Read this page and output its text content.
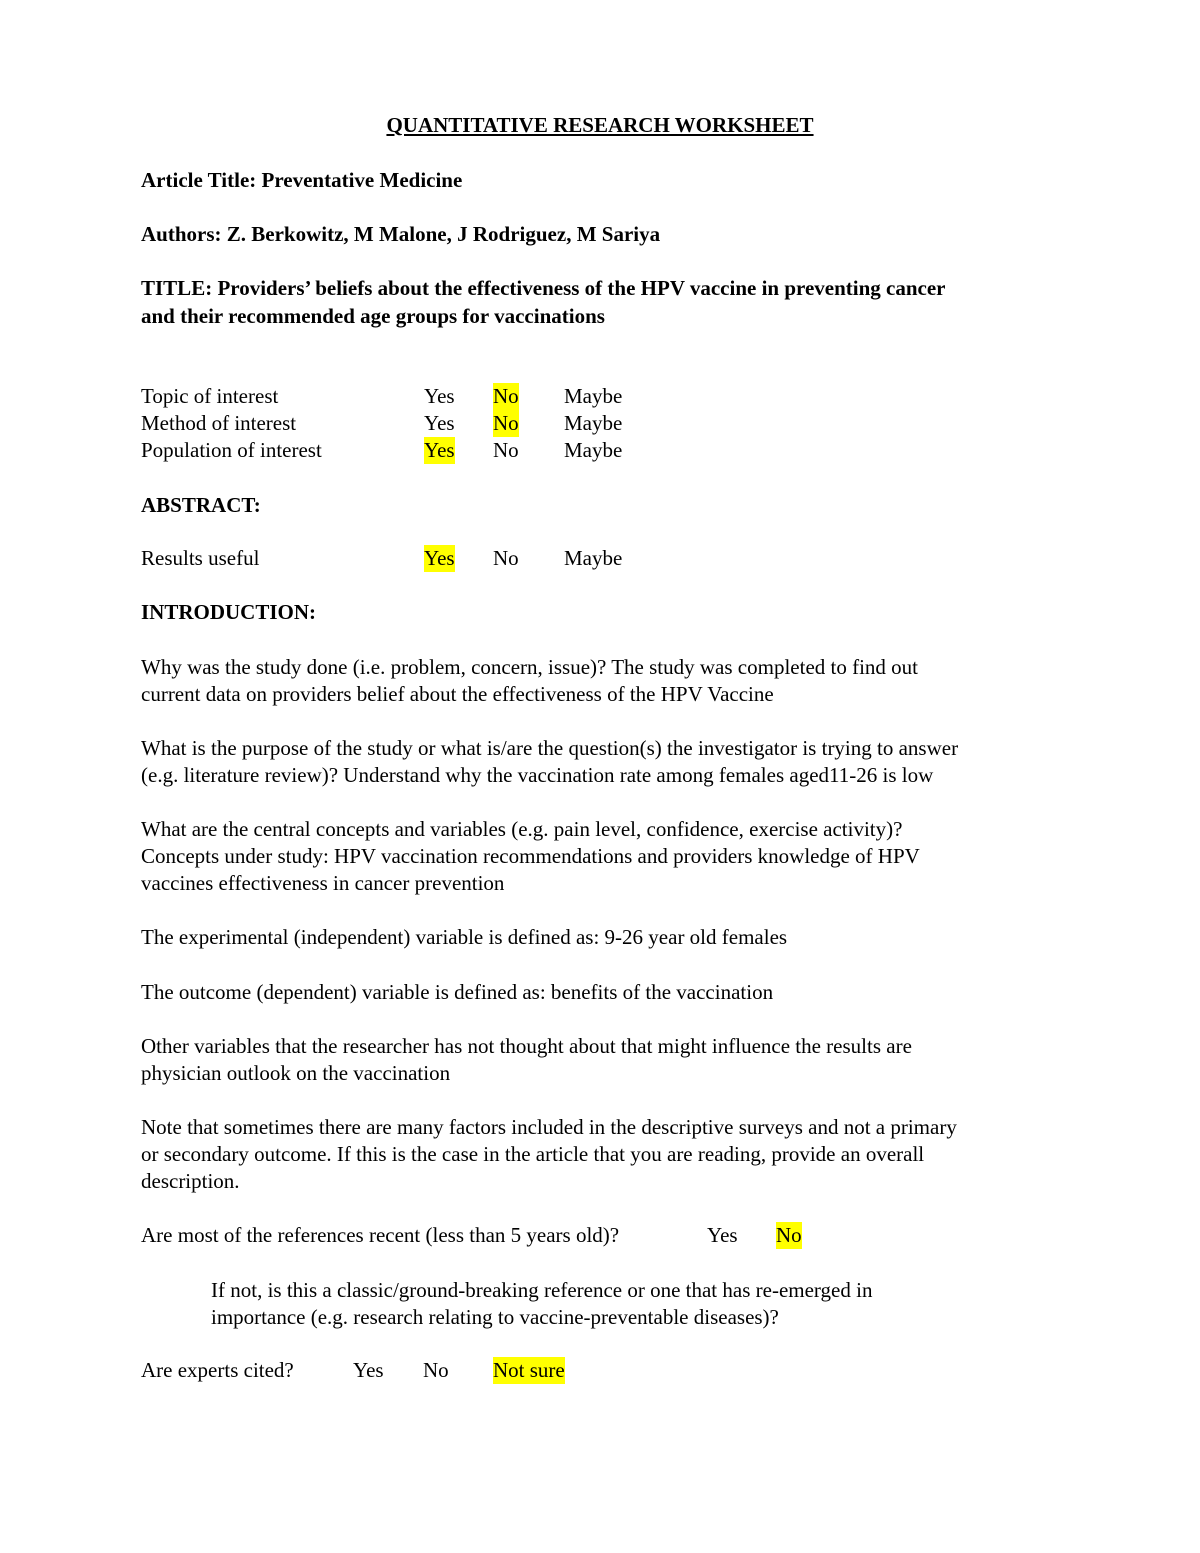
QUANTITATIVE RESEARCH WORKSHEET
Article Title: Preventative Medicine
Authors: Z. Berkowitz, M Malone, J Rodriguez, M Sariya
TITLE: Providers’ beliefs about the effectiveness of the HPV vaccine in preventing cancer
and their recommended age groups for vaccinations
Topic of interest	Yes No Maybe
Method of interest	Yes No Maybe
Population of interest	Yes No Maybe
ABSTRACT:
Results useful	Yes No Maybe
INTRODUCTION:
Why was the study done (i.e. problem, concern, issue)? The study was completed to find out
current data on providers belief about the effectiveness of the HPV Vaccine
What is the purpose of the study or what is/are the question(s) the investigator is trying to answer
(e.g. literature review)? Understand why the vaccination rate among females aged11-26 is low
What are the central concepts and variables (e.g. pain level, confidence, exercise activity)?
Concepts under study: HPV vaccination recommendations and providers knowledge of HPV
vaccines effectiveness in cancer prevention
The experimental (independent) variable is defined as: 9-26 year old females
The outcome (dependent) variable is defined as: benefits of the vaccination
Other variables that the researcher has not thought about that might influence the results are
physician outlook on the vaccination
Note that sometimes there are many factors included in the descriptive surveys and not a primary
or secondary outcome. If this is the case in the article that you are reading, provide an overall
description.
Are most of the references recent (less than 5 years old)?	Yes No
If not, is this a classic/ground-breaking reference or one that has re-emerged in
importance (e.g. research relating to vaccine-preventable diseases)?
Are experts cited?	Yes No Not sure
